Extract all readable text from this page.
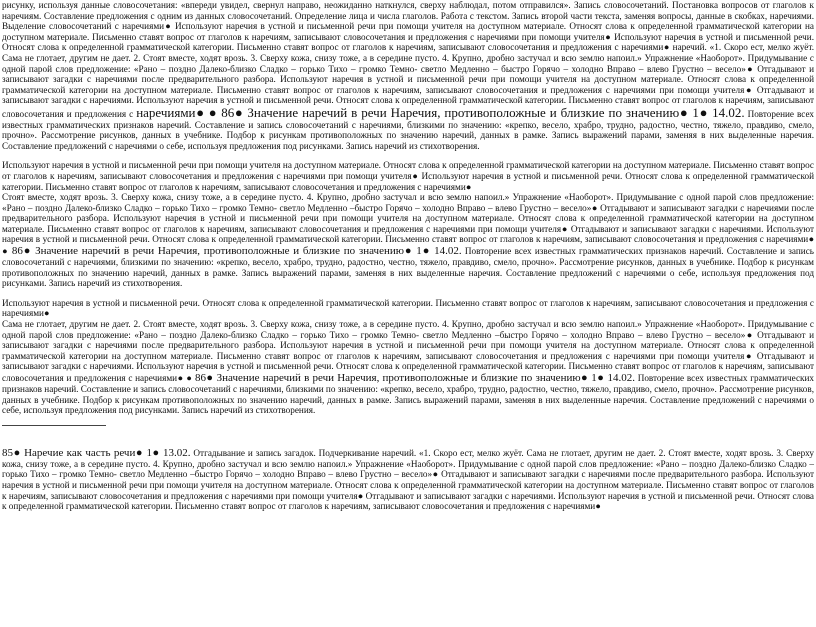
рисунку, используя данные словосочетания: «впереди увидел, свернул направо, неожиданно наткнулся, сверху наблюдал, потом отправился». Запись словосочетаний. Постановка вопросов от глаголов к наречиям. Составление предложения с одним из данных словосочетаний. Определение лица и числа глаголов. Работа с текстом. Запись второй части текста, заменяя вопросы, данные в скобках, наречиями. Выделение словосочетаний с наречиями● Используют наречия в устной и письменной речи при помощи учителя на доступном материале. Относят слова к определенной грамматической категории на доступном материале. Письменно ставят вопрос от глаголов к наречиям, записывают словосочетания и предложения с наречиями при помощи учителя● Используют наречия в устной и письменной речи. Относят слова к определенной грамматической категории. Письменно ставят вопрос от глаголов к наречиям, записывают словосочетания и предложения с наречиями● наречий. «1. Скоро ест, мелко жуёт. Сама не глотает, другим не дает. 2. Стоят вместе, ходят врозь. 3. Сверху кожа, снизу тоже, а в середине пусто. 4. Крупно, дробно застучал и всю землю напоил.» Упражнение «Наоборот». Придумывание с одной парой слов предложение: «Рано – поздно Далеко-близко Сладко – горько Тихо – громко Темно- светло Медленно – быстро Горячо – холодно Вправо – влево Грустно – весело»● Отгадывают и записывают загадки с наречиями после предварительного разбора. Используют наречия в устной и письменной речи при помощи учителя на доступном материале. Относят слова к определенной грамматической категории на доступном материале. Письменно ставят вопрос от глаголов к наречиям, записывают словосочетания и предложения с наречиями при помощи учителя● Отгадывают и записывают загадки с наречиями. Используют наречия в устной и письменной речи. Относят слова к определенной грамматической категории. Письменно ставят вопрос от глаголов к наречиям, записывают словосочетания и предложения с наречиями● ● 86● Значение наречий в речи Наречия, противоположные и близкие по значению● 1● 14.02. Повторение всех известных грамматических признаков наречий. Составление и запись словосочетаний с наречиями, близкими по значению: «крепко, весело, храбро, трудно, радостно, честно, тяжело, правдиво, смело, прочно». Рассмотрение рисунков, данных в учебнике. Подбор к рисункам противоположных по значению наречий, данных в рамке. Запись выражений парами, заменяя в них выделенные наречия. Составление предложений с наречиями о себе, используя предложения под рисунками. Запись наречий из стихотворения.

Используют наречия в устной и письменной речи при помощи учителя на доступном материале. Относят слова к определенной грамматической категории на доступном материале. Письменно ставят вопрос от глаголов к наречиям, записывают словосочетания и предложения с наречиями при помощи учителя● Используют наречия в устной и письменной речи. Относят слова к определенной грамматической категории. Письменно ставят вопрос от глаголов к наречиям, записывают словосочетания и предложения с наречиями●
Стоят вместе, ходят врозь. 3. Сверху кожа, снизу тоже, а в середине пусто. 4. Крупно, дробно застучал и всю землю напоил.» Упражнение «Наоборот». Придумывание с одной парой слов предложение: «Рано – поздно Далеко-близко Сладко – горько Тихо – громко Темно- светло Медленно –быстро Горячо – холодно Вправо – влево Грустно – весело»● Отгадывают и записывают загадки с наречиями после предварительного разбора. Используют наречия в устной и письменной речи при помощи учителя на доступном материале. Относят слова к определенной грамматической категории на доступном материале. Письменно ставят вопрос от глаголов к наречиям, записывают словосочетания и предложения с наречиями при помощи учителя● Отгадывают и записывают загадки с наречиями. Используют наречия в устной и письменной речи. Относят слова к определенной грамматической категории. Письменно ставят вопрос от глаголов к наречиям, записывают словосочетания и предложения с наречиями● ● 86● Значение наречий в речи Наречия, противоположные и близкие по значению● 1● 14.02. Повторение всех известных грамматических признаков наречий. Составление и запись словосочетаний с наречиями, близкими по значению: «крепко, весело, храбро, трудно, радостно, честно, тяжело, правдиво, смело, прочно». Рассмотрение рисунков, данных в учебнике. Подбор к рисункам противоположных по значению наречий, данных в рамке. Запись выражений парами, заменяя в них выделенные наречия. Составление предложений с наречиями о себе, используя предложения под рисунками. Запись наречий из стихотворения.

Используют наречия в устной и письменной речи. Относят слова к определенной грамматической категории. Письменно ставят вопрос от глаголов к наречиям, записывают словосочетания и предложения с наречиями●
Сама не глотает, другим не дает. 2. Стоят вместе, ходят врозь. 3. Сверху кожа, снизу тоже, а в середине пусто. 4. Крупно, дробно застучал и всю землю напоил.» Упражнение «Наоборот». Придумывание с одной парой слов предложение: «Рано – поздно Далеко-близко Сладко – горько Тихо – громко Темно- светло Медленно –быстро Горячо – холодно Вправо – влево Грустно – весело»● Отгадывают и записывают загадки с наречиями после предварительного разбора. Используют наречия в устной и письменной речи при помощи учителя на доступном материале. Относят слова к определенной грамматической категории на доступном материале. Письменно ставят вопрос от глаголов к наречиям, записывают словосочетания и предложения с наречиями при помощи учителя● Отгадывают и записывают загадки с наречиями. Используют наречия в устной и письменной речи. Относят слова к определенной грамматической категории. Письменно ставят вопрос от глаголов к наречиям, записывают словосочетания и предложения с наречиями● ● 86● Значение наречий в речи Наречия, противоположные и близкие по значению● 1● 14.02. Повторение всех известных грамматических признаков наречий. Составление и запись словосочетаний с наречиями, близкими по значению: «крепко, весело, храбро, трудно, радостно, честно, тяжело, правдиво, смело, прочно». Рассмотрение рисунков, данных в учебнике. Подбор к рисункам противоположных по значению наречий, данных в рамке. Запись выражений парами, заменяя в них выделенные наречия. Составление предложений с наречиями о себе, используя предложения под рисунками. Запись наречий из стихотворения.

85● Наречие как часть речи● 1● 13.02. Отгадывание и запись загадок. Подчеркивание наречий. «1. Скоро ест, мелко жуёт. Сама не глотает, другим не дает. 2. Стоят вместе, ходят врозь. 3. Сверху кожа, снизу тоже, а в середине пусто. 4. Крупно, дробно застучал и всю землю напоил.» Упражнение «Наоборот». Придумывание с одной парой слов предложение: «Рано – поздно Далеко-близко Сладко – горько Тихо – громко Темно- светло Медленно –быстро Горячо – холодно Вправо – влево Грустно – весело»● Отгадывают и записывают загадки с наречиями после предварительного разбора. Используют наречия в устной и письменной речи при помощи учителя на доступном материале. Относят слова к определенной грамматической категории на доступном материале. Письменно ставят вопрос от глаголов к наречиям, записывают словосочетания и предложения с наречиями при помощи учителя● Отгадывают и записывают загадки с наречиями. Используют наречия в устной и письменной речи. Относят слова к определенной грамматической категории. Письменно ставят вопрос от глаголов к наречиям, записывают словосочетания и предложения с наречиями●
